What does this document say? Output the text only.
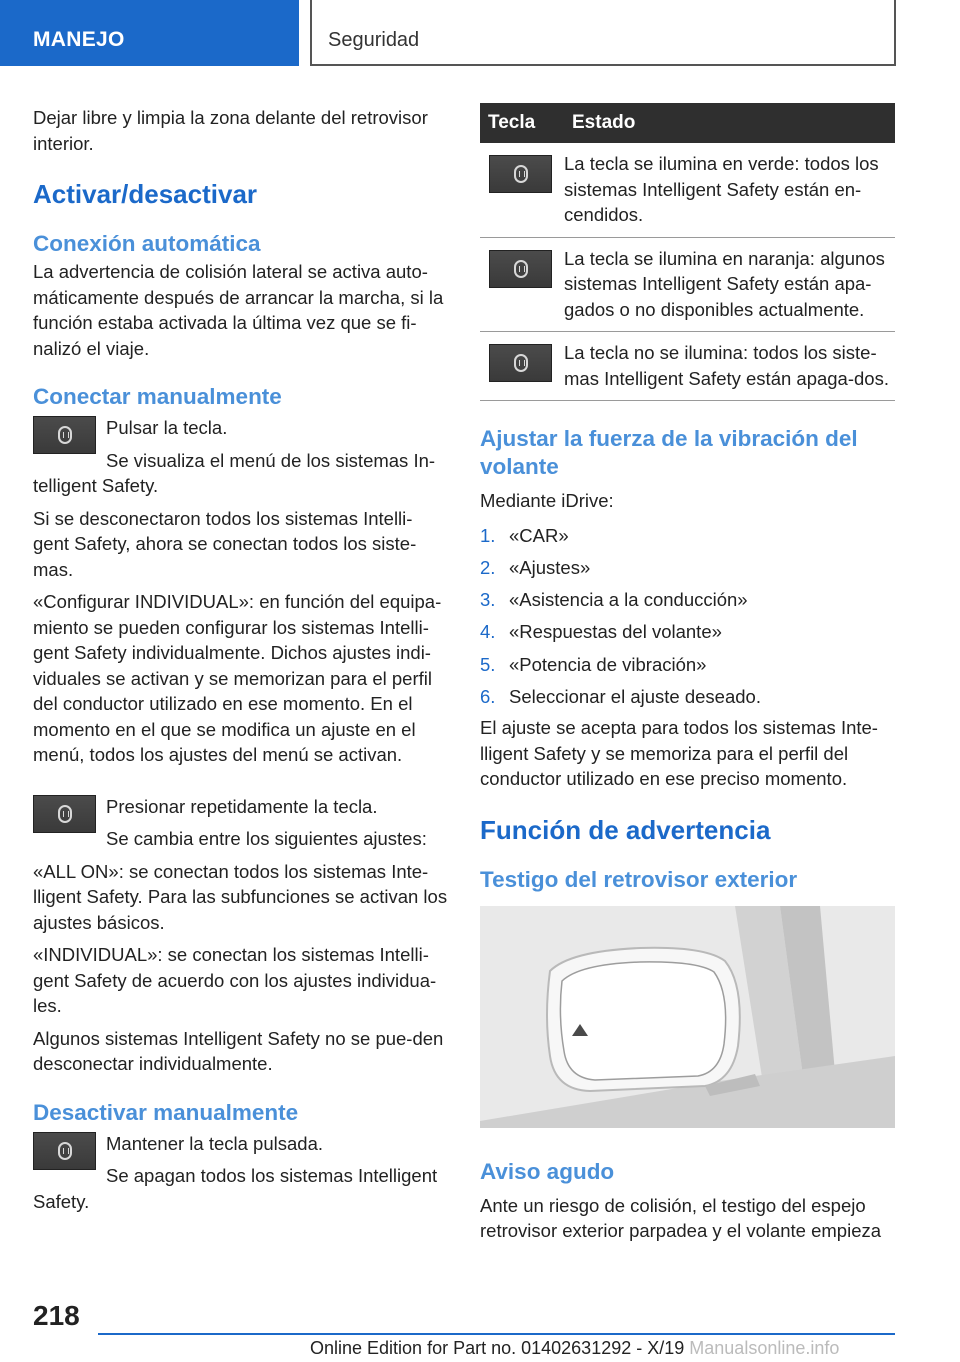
MANEJO	Seguridad

Dejar libre y limpia la zona delante del retrovisor interior.

Activar/desactivar
Conexión automática

La advertencia de colisión lateral se activa auto-máticamente después de arrancar la marcha, si la función estaba activada la última vez que se fi-nalizó el viaje.

Conectar manualmente

Pulsar la tecla.

Se visualiza el menú de los sistemas In-telligent Safety.

Si se desconectaron todos los sistemas Intelli-gent Safety, ahora se conectan todos los siste-mas.

«Configurar INDIVIDUAL»: en función del equipa-miento se pueden configurar los sistemas Intelli-gent Safety individualmente. Dichos ajustes indi-viduales se activan y se memorizan para el perfil del conductor utilizado en ese momento. En el momento en el que se modifica un ajuste en el menú, todos los ajustes del menú se activan.

Presionar repetidamente la tecla.

Se cambia entre los siguientes ajustes:

«ALL ON»: se conectan todos los sistemas Inte-lligent Safety. Para las subfunciones se activan los ajustes básicos.

«INDIVIDUAL»: se conectan los sistemas Intelli-gent Safety de acuerdo con los ajustes individua-les.

Algunos sistemas Intelligent Safety no se pue-den desconectar individualmente.

Desactivar manualmente

Mantener la tecla pulsada.

Se apagan todos los sistemas Intelligent Safety.

Tecla	Estado

	La tecla se ilumina en verde: todos los sistemas Intelligent Safety están en-cendidos.

	La tecla se ilumina en naranja: algunos sistemas Intelligent Safety están apa-gados o no disponibles actualmente.

	La tecla no se ilumina: todos los siste-mas Intelligent Safety están apaga-dos.
Ajustar la fuerza de la vibración del volante

Mediante iDrive:

1. «CAR»
2. «Ajustes»
3. «Asistencia a la conducción»
4. «Respuestas del volante»
5. «Potencia de vibración»
6. Seleccionar el ajuste deseado.

El ajuste se acepta para todos los sistemas Inte-lligent Safety y se memoriza para el perfil del conductor utilizado en ese preciso momento.

Función de advertencia
Testigo del retrovisor exterior
Aviso agudo

Ante un riesgo de colisión, el testigo del espejo retrovisor exterior parpadea y el volante empieza

218
Online Edition for Part no. 01402631292 - X/19 Manualsonline.info
